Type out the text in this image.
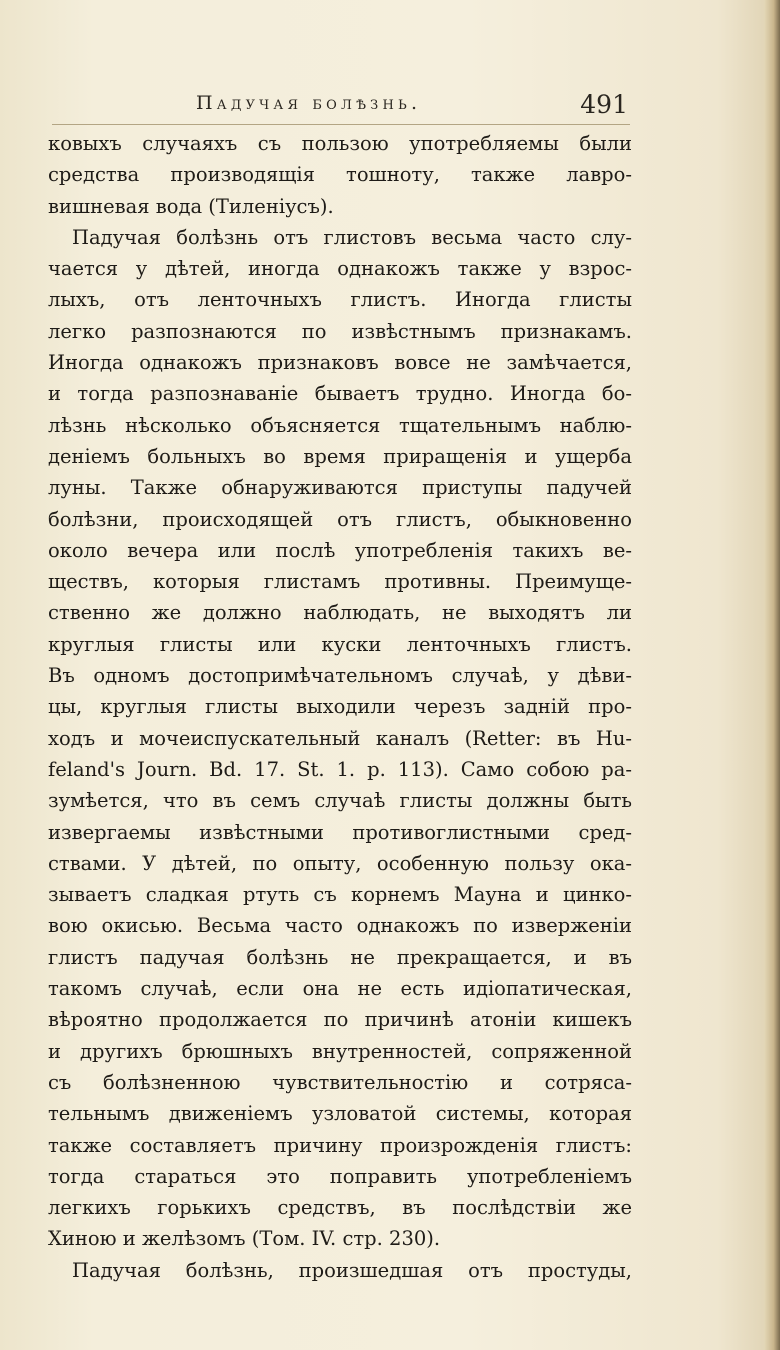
Падучая болѣзнь.	491
ковыхъ случаяхъ съ пользою употребляемы были
средства производящія тошноту, также лавро-
вишневая вода (Тиленіусъ).
Падучая болѣзнь отъ глистовъ весьма часто слу-
чается у дѣтей, иногда однакожъ также у взрос-
лыхъ, отъ ленточныхъ глистъ. Иногда глисты
легко разпознаются по извѣстнымъ признакамъ.
Иногда однакожъ признаковъ вовсе не замѣчается,
и тогда разпознаваніе бываетъ трудно. Иногда бо-
лѣзнь нѣсколько объясняется тщательнымъ наблю-
деніемъ больныхъ во время приращенія и ущерба
луны. Также обнаруживаются приступы падучей
болѣзни, происходящей отъ глистъ, обыкновенно
около вечера или послѣ употребленія такихъ ве-
ществъ, которыя глистамъ противны. Преимуще-
ственно же должно наблюдать, не выходятъ ли
круглыя глисты или куски ленточныхъ глистъ.
Въ одномъ достопримѣчательномъ случаѣ, у дѣви-
цы, круглыя глисты выходили черезъ задній про-
ходъ и мочеиспускательный каналъ (Retter: въ Hu-
feland's Journ. Bd. 17. St. 1. p. 113). Само собою ра-
зумѣется, что въ семъ случаѣ глисты должны быть
извергаемы извѣстными противоглистными сред-
ствами. У дѣтей, по опыту, особенную пользу ока-
зываетъ сладкая ртуть съ корнемъ Мауна и цинко-
вою окисью. Весьма часто однакожъ по изверженіи
глистъ падучая болѣзнь не прекращается, и въ
такомъ случаѣ, если она не есть идіопатическая,
вѣроятно продолжается по причинѣ атоніи кишекъ
и другихъ брюшныхъ внутренностей, сопряженной
съ болѣзненною чувствительностію и сотряса-
тельнымъ движеніемъ узловатой системы, которая
также составляетъ причину произрожденія глистъ:
тогда стараться это поправить употребленіемъ
легкихъ горькихъ средствъ, въ послѣдствіи же
Хиною и желѣзомъ (Том. IV. стр. 230).
Падучая болѣзнь, произшедшая отъ простуды,
